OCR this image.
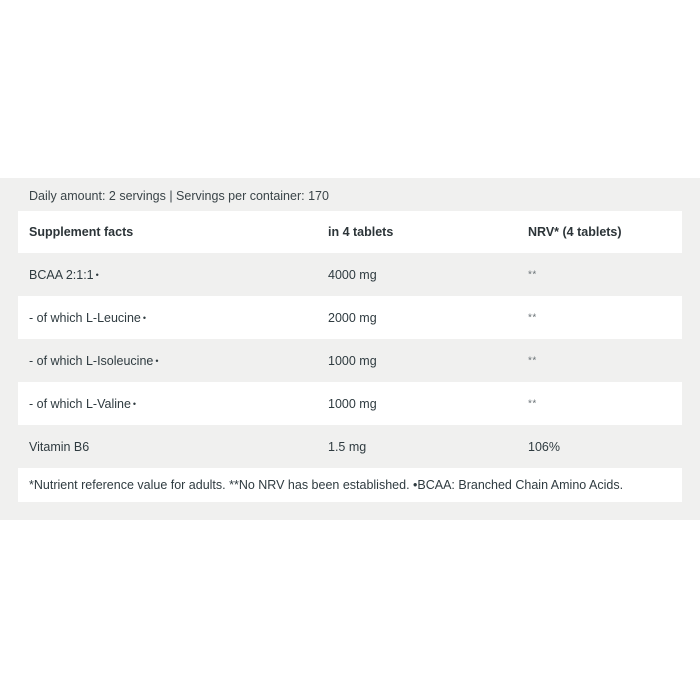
Daily amount: 2 servings | Servings per container: 170
Supplement facts	in 4 tablets	NRV* (4 tablets)
BCAA 2:1:1 •	4000 mg	**
- of which L-Leucine •	2000 mg	**
- of which L-Isoleucine •	1000 mg	**
- of which L-Valine •	1000 mg	**
Vitamin B6	1.5 mg	106%
*Nutrient reference value for adults. **No NRV has been established. •BCAA: Branched Chain Amino Acids.
